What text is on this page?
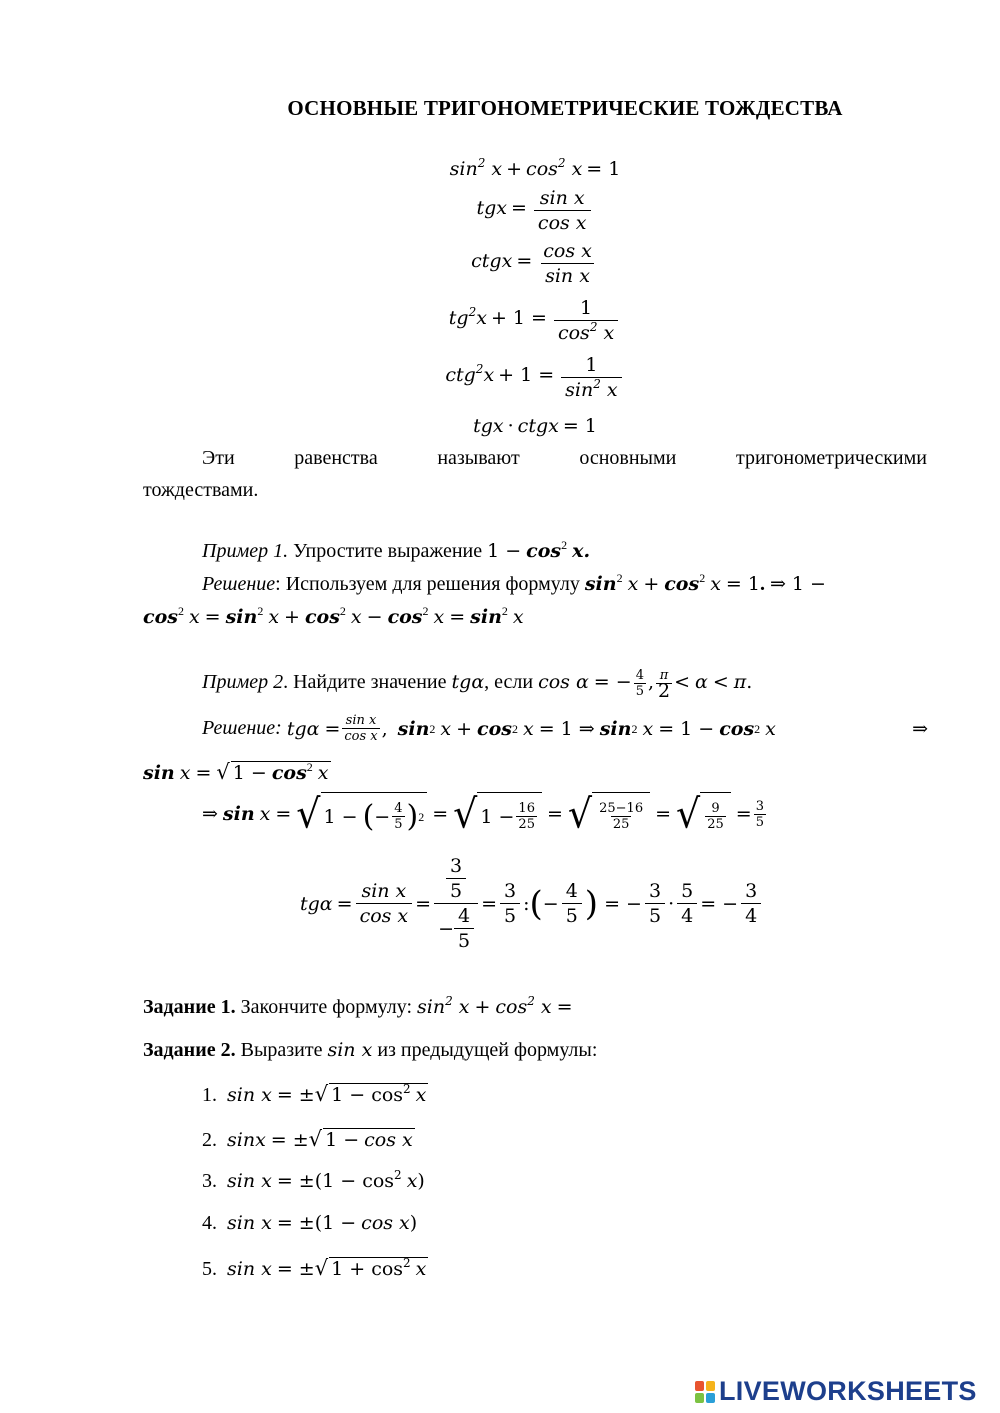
ОСНОВНЫЕ ТРИГОНОМЕТРИЧЕСКИЕ ТОЖДЕСТВА
$\sin^2 x + \cos^2 x = 1$
tgx = $\frac{\text{sin x}}{\text{cos x}}$
ctgx = $\frac{\text{cos x}}{\text{sin x}}$
$tg^2x + 1 = \frac{1}{\cos^2 x}$
$ctg^2x + 1 = \frac{1}{\sin^2 x}$
tgx · ctgx = 1
Эти равенства называют основными тригонометрическими
тождествами.
Пример 1. Упростите выражение $1 - \cos^2 x$.
Решение: Используем для решения формулу $\sin^2 x + \cos^2 x = 1$. ⇒ 1 −
$\cos^2 x = \sin^2 x + \cos^2 x - \cos^2 x = \sin^2 x$
Пример 2. Найдите значение tgα, если cos α = − $\frac{4}{5}$ , $\frac{\pi}{2} < \alpha < \pi$.
Решение:
tgα
= $\frac{\text{sin x}}{\text{cos x}}$ ,
sin 2
x
+
cos 2
x
= 1 ⇒
sin 2
x
= 1 −
cos 2
x	⇒
sin x = √ $1 - \cos^2 x$
⇒
sin
x
=
√ 1 −
( − $\frac{4}{5}$ ) 2
=
√ $1 - \frac{16}{25}$
=
√ $\frac{25-16}{25}$
=
√ $\frac{9}{25}$
= $\frac{3}{5}$
tgα
= $\frac{\text{sin x}}{\text{cos x}} = \frac{\frac{3}{5}}{- \frac{4}{5}} = \frac{3}{5}$ : ( − $\frac{4}{5}$ ) = − $\frac{3}{5} \cdot \frac{5}{4}$ = − $\frac{3}{4}$
Задание 1. Закончите формулу: $\sin^2 x + \cos^2 x$ =
Задание 2. Выразите sin x из предыдущей формулы:
1. sin x = ±√ $1 - \cos^2 x$
2. sinx = ±√ 1 − cos x
3. $\sin x = \pm(1 - \cos^2 x)$
4. sin x = ±(1 − cos x)
5. sin x = ±√ $1 + \cos^2 x$
LIVEWORKSHEETS
